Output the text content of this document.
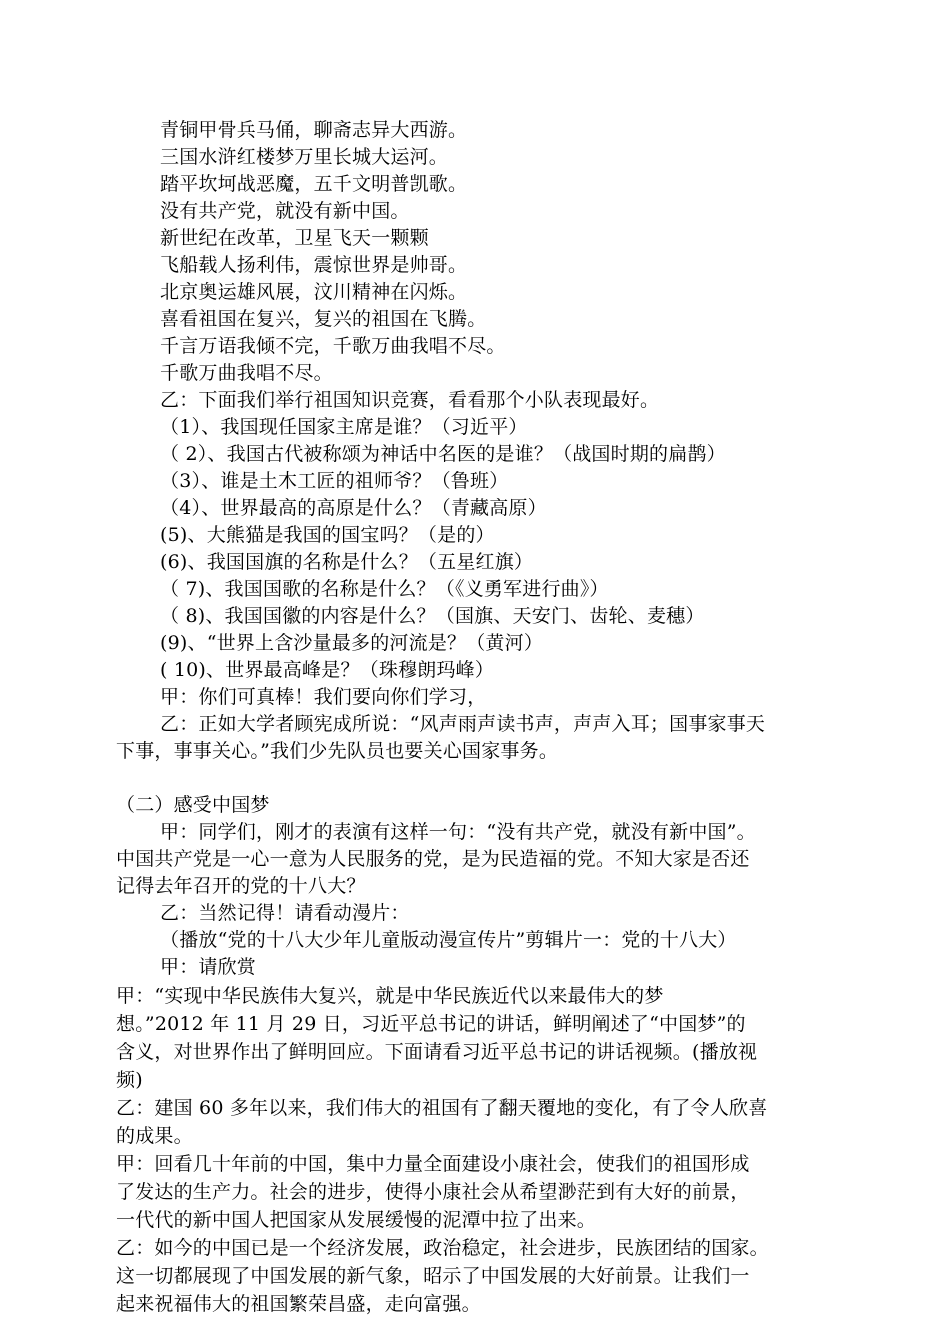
青铜甲骨兵马俑，聊斋志异大西游。
三国水浒红楼梦万里长城大运河。
踏平坎坷战恶魔，五千文明普凯歌。
没有共产党，就没有新中国。
新世纪在改革，卫星飞天一颗颗
飞船载人扬利伟，震惊世界是帅哥。
北京奥运雄风展，汶川精神在闪烁。
喜看祖国在复兴，复兴的祖国在飞腾。
千言万语我倾不完，千歌万曲我唱不尽。
千歌万曲我唱不尽。
乙：下面我们举行祖国知识竞赛，看看那个小队表现最好。
（1）、我国现任国家主席是谁？（习近平）
（ 2）、我国古代被称颂为神话中名医的是谁？（战国时期的扁鹊）
（3）、谁是土木工匠的祖师爷？（鲁班）
（4）、世界最高的高原是什么？（青藏高原）
(5)、大熊猫是我国的国宝吗？（是的）
(6)、我国国旗的名称是什么？（五星红旗）
（ 7)、我国国歌的名称是什么？（《义勇军进行曲》）
（ 8)、我国国徽的内容是什么？（国旗、天安门、齿轮、麦穗）
(9)、“世界上含沙量最多的河流是？（黄河）
( 10)、世界最高峰是？（珠穆朗玛峰）
甲：你们可真棒！我们要向你们学习，
乙：正如大学者顾宪成所说：“风声雨声读书声，声声入耳；国事家事天
下事，事事关心。”我们少先队员也要关心国家事务。
（二）感受中国梦
甲：同学们，刚才的表演有这样一句：“没有共产党，就没有新中国”。
中国共产党是一心一意为人民服务的党，是为民造福的党。不知大家是否还
记得去年召开的党的十八大？
乙：当然记得！请看动漫片：
（播放“党的十八大少年儿童版动漫宣传片”剪辑片一：党的十八大）
甲：请欣赏
甲：“实现中华民族伟大复兴，就是中华民族近代以来最伟大的梦
想。”2012 年 11 月 29 日，习近平总书记的讲话，鲜明阐述了“中国梦”的
含义，对世界作出了鲜明回应。下面请看习近平总书记的讲话视频。(播放视
频)
乙：建国 60 多年以来，我们伟大的祖国有了翻天覆地的变化，有了令人欣喜
的成果。
甲：回看几十年前的中国，集中力量全面建设小康社会，使我们的祖国形成
了发达的生产力。社会的进步，使得小康社会从希望渺茫到有大好的前景，
一代代的新中国人把国家从发展缓慢的泥潭中拉了出来。
乙：如今的中国已是一个经济发展，政治稳定，社会进步，民族团结的国家。
这一切都展现了中国发展的新气象，昭示了中国发展的大好前景。让我们一
起来祝福伟大的祖国繁荣昌盛，走向富强。
